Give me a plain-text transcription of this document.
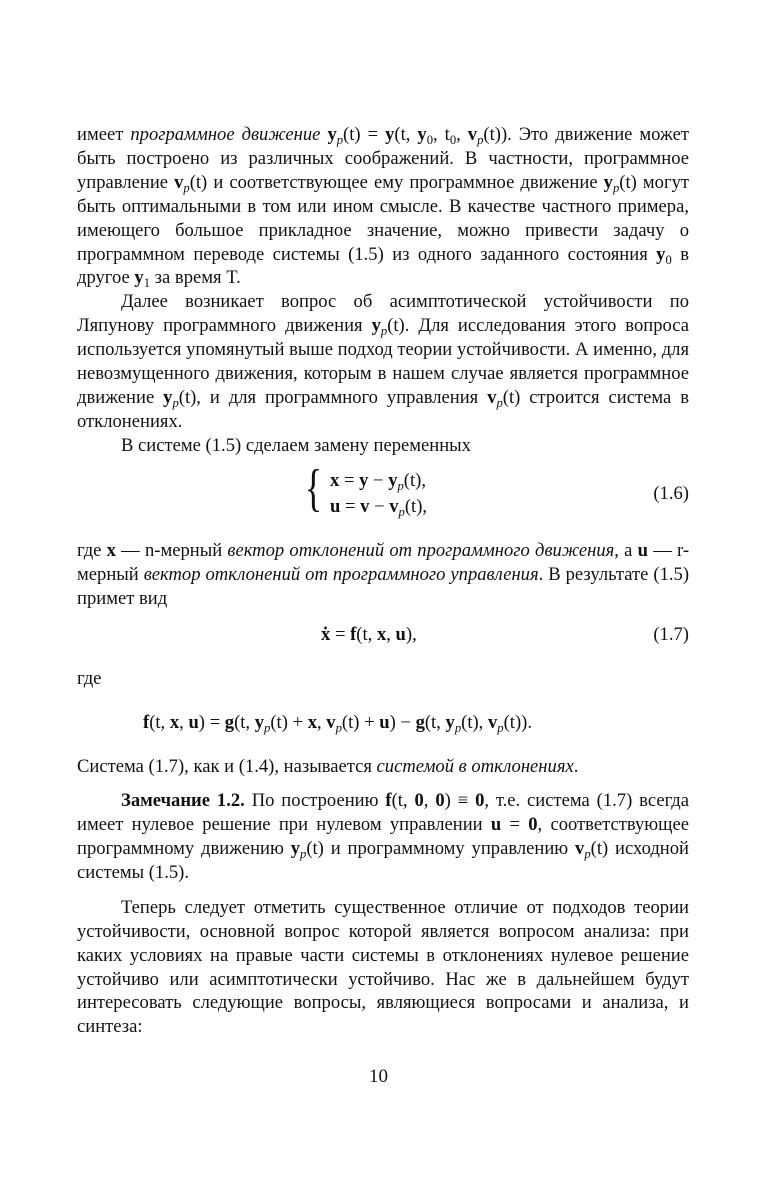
имеет программное движение $y_p(t) = y(t$, $y_0$, $t_0$, $v_p(t)$). Это движение может быть построено из различных соображений. В частности, программное управление $v_p(t)$ и соответствующее ему программное движение $y_p(t)$ могут быть оптимальными в том или ином смысле. В качестве частного примера, имеющего большое прикладное значение, можно привести задачу о программном переводе системы (1.5) из одного заданного состояния $y_0$ в другое $y_1$ за время T.

Далее возникает вопрос об асимптотической устойчивости по Ляпунову программного движения $y_p(t)$. Для исследования этого вопроса используется упомянутый выше подход теории устойчивости. А именно, для невозмущенного движения, которым в нашем случае является программное движение $y_p(t)$, и для программного управления $v_p(t)$ строится система в отклонениях.

В системе (1.5) сделаем замену переменных

{ $x = y - y_p(t)$,
$u = v - v_p(t)$,
(1.6)

где x — n-мерный вектор отклонений от программного движения, а u — r-мерный вектор отклонений от программного управления. В результате (1.5) примет вид

ẋ = f(t, x, u),	(1.7)

где

f(t, x, u) = g(t, $y_p(t) + x$, $v_p(t) + u) - g(t$, $y_p(t)$, $v_p(t)$).

Система (1.7), как и (1.4), называется системой в отклонениях.

Замечание 1.2. По построению f(t, 0, 0) ≡ 0, т.е. система (1.7) всегда имеет нулевое решение при нулевом управлении u = 0, соответствующее программному движению $y_p(t)$ и программному управлению $v_p(t)$ исходной системы (1.5).

Теперь следует отметить существенное отличие от подходов теории устойчивости, основной вопрос которой является вопросом анализа: при каких условиях на правые части системы в отклонениях нулевое решение устойчиво или асимптотически устойчиво. Нас же в дальнейшем будут интересовать следующие вопросы, являющиеся вопросами и анализа, и синтеза:

10
